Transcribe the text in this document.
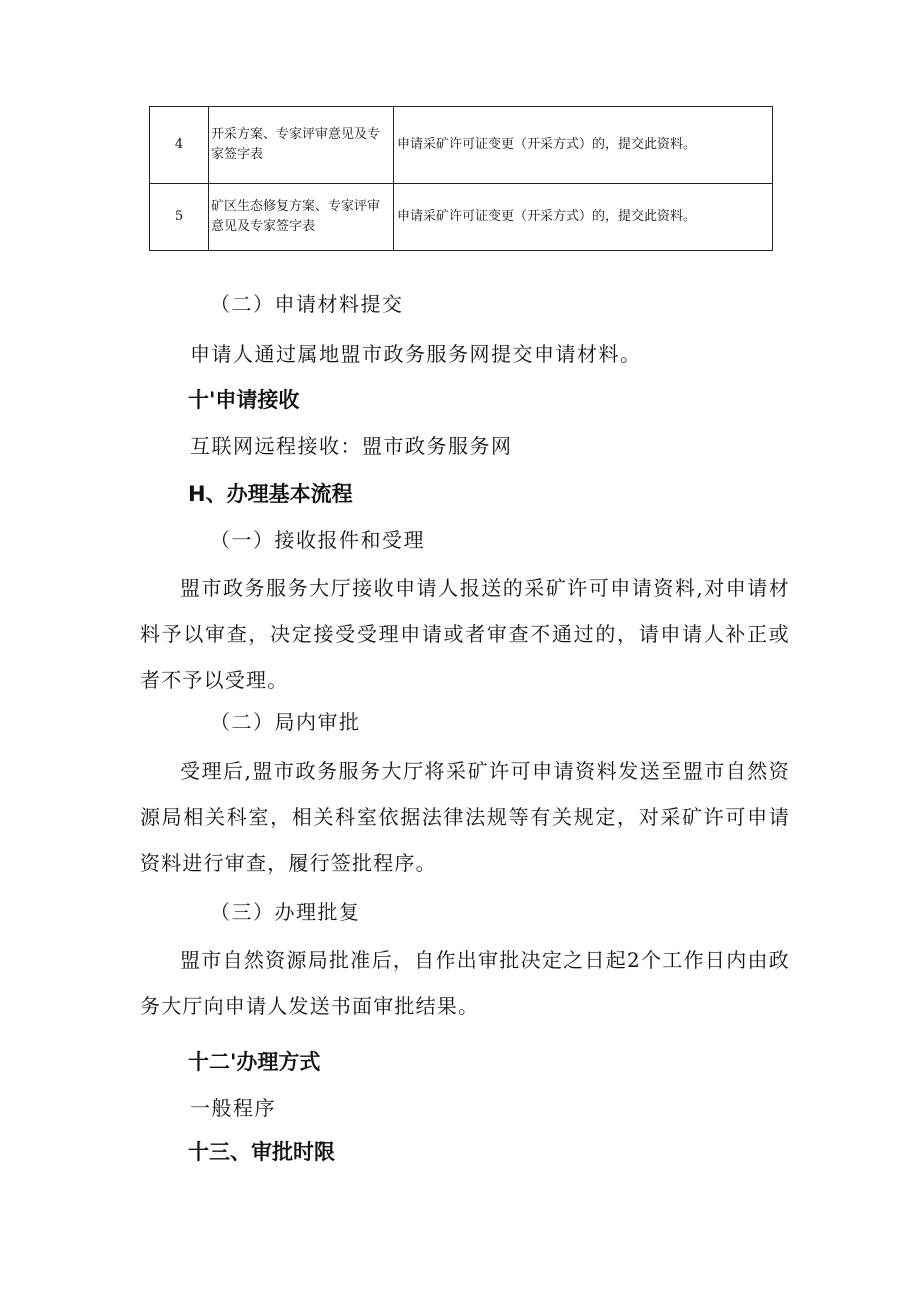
4	开采方案、专家评审意见及专家签字表	申请采矿许可证变更（开采方式）的，提交此资料。
5	矿区生态修复方案、专家评审意见及专家签字表	申请采矿许可证变更（开采方式）的，提交此资料。
（二）申请材料提交
申请人通过属地盟市政务服务网提交申请材料。
十'申请接收
互联网远程接收：盟市政务服务网
H、办理基本流程
（一）接收报件和受理
盟市政务服务大厅接收申请人报送的采矿许可申请资料,对申请材料予以审查，决定接受受理申请或者审查不通过的，请申请人补正或者不予以受理。
（二）局内审批
受理后,盟市政务服务大厅将采矿许可申请资料发送至盟市自然资源局相关科室，相关科室依据法律法规等有关规定，对采矿许可申请资料进行审查，履行签批程序。
（三）办理批复
盟市自然资源局批准后，自作出审批决定之日起2个工作日内由政务大厅向申请人发送书面审批结果。
十二'办理方式
一般程序
十三、审批时限
